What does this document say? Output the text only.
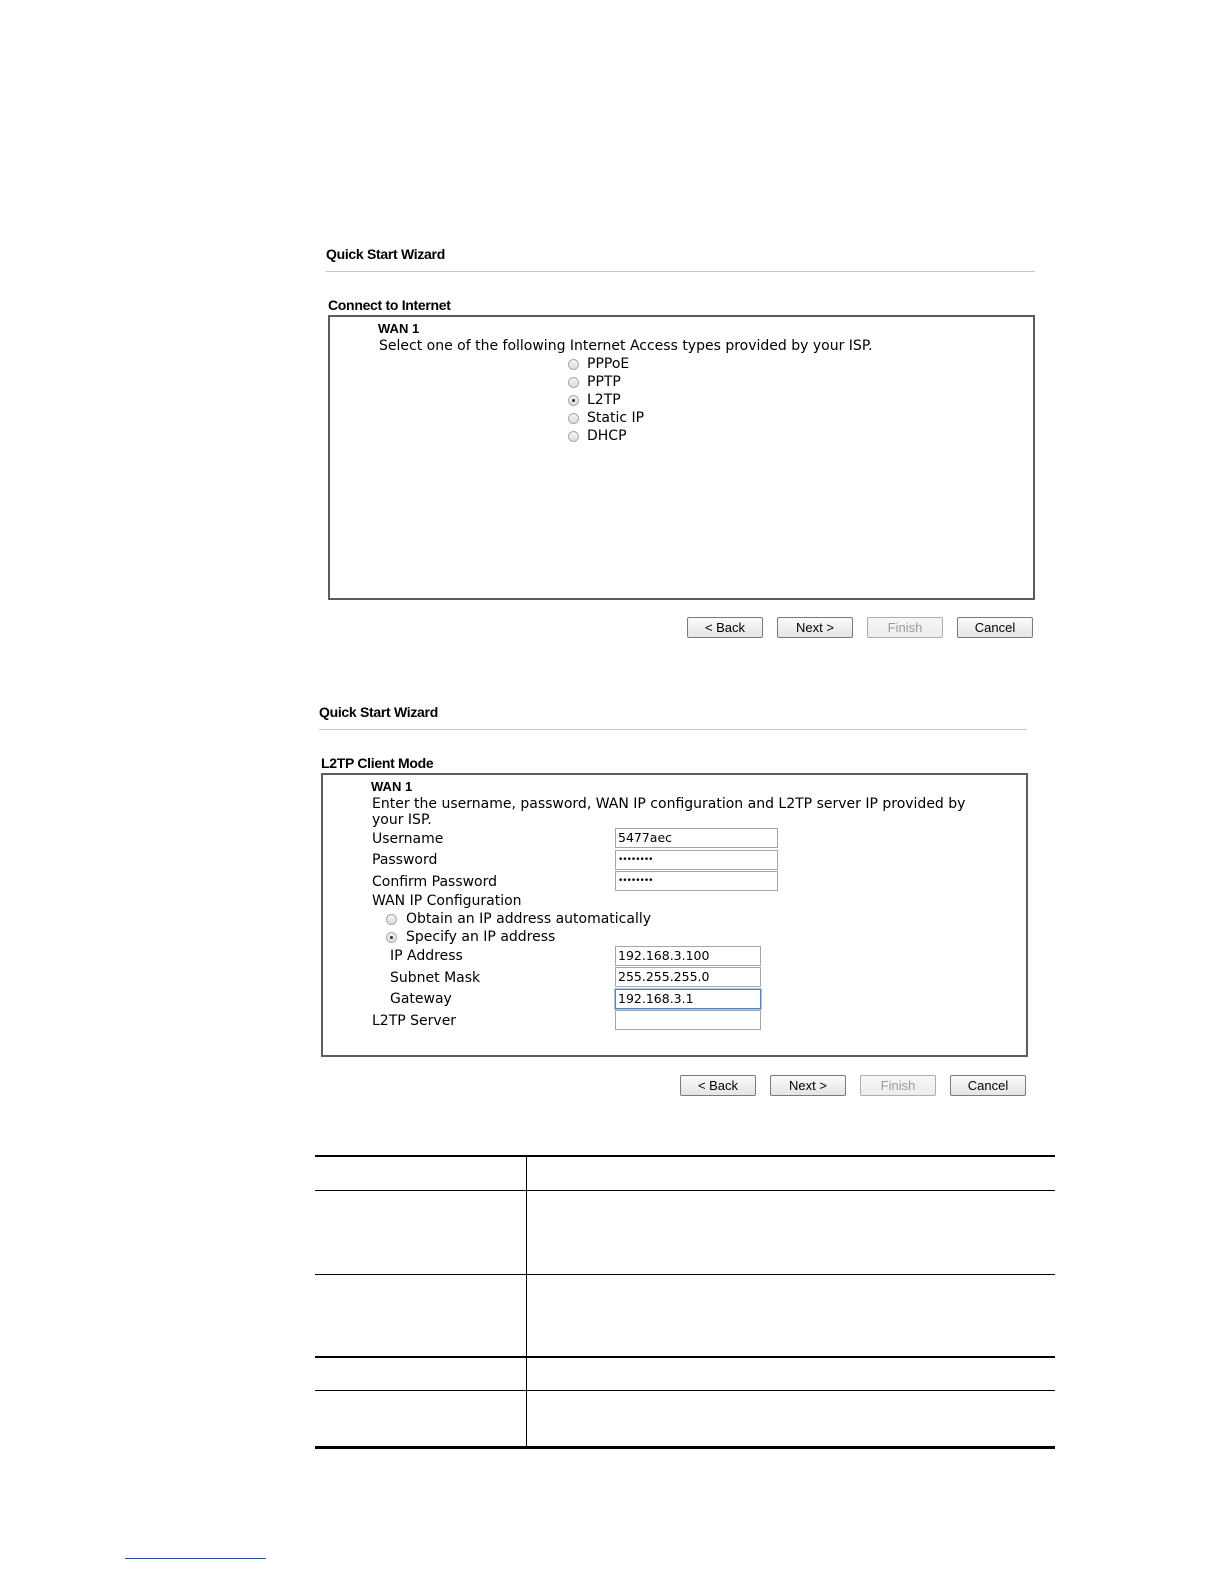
Quick Start Wizard
Connect to Internet
WAN 1
Select one of the following Internet Access types provided by your ISP.
PPPoE
PPTP
L2TP
Static IP
DHCP
< Back	Next >	Finish	Cancel
Quick Start Wizard
L2TP Client Mode
WAN 1
Enter the username, password, WAN IP configuration and L2TP server IP provided by
your ISP.
Username	5477aec
Password	••••••••
Confirm Password	••••••••
WAN IP Configuration
Obtain an IP address automatically
Specify an IP address
IP Address	192.168.3.100
Subnet Mask	255.255.255.0
Gateway	192.168.3.1
L2TP Server
< Back	Next >	Finish	Cancel
